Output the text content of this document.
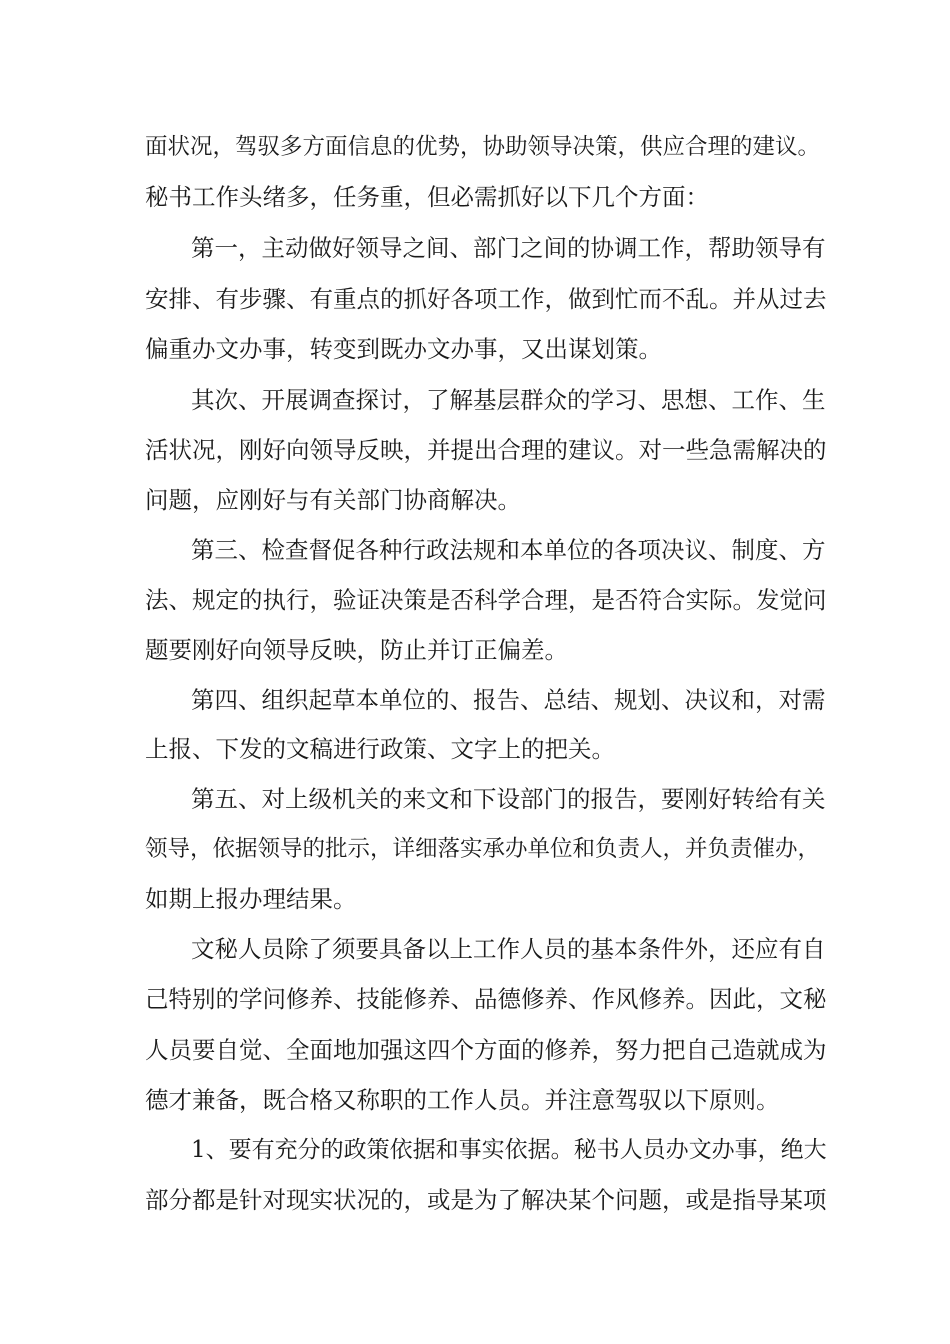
面状况，驾驭多方面信息的优势，协助领导决策，供应合理的建议。
秘书工作头绪多，任务重，但必需抓好以下几个方面：
第一，主动做好领导之间、部门之间的协调工作，帮助领导有
安排、有步骤、有重点的抓好各项工作，做到忙而不乱。并从过去
偏重办文办事，转变到既办文办事，又出谋划策。
其次、开展调查探讨，了解基层群众的学习、思想、工作、生
活状况，刚好向领导反映，并提出合理的建议。对一些急需解决的
问题，应刚好与有关部门协商解决。
第三、检查督促各种行政法规和本单位的各项决议、制度、方
法、规定的执行，验证决策是否科学合理，是否符合实际。发觉问
题要刚好向领导反映，防止并订正偏差。
第四、组织起草本单位的、报告、总结、规划、决议和，对需
上报、下发的文稿进行政策、文字上的把关。
第五、对上级机关的来文和下设部门的报告，要刚好转给有关
领导，依据领导的批示，详细落实承办单位和负责人，并负责催办，
如期上报办理结果。
文秘人员除了须要具备以上工作人员的基本条件外，还应有自
己特别的学问修养、技能修养、品德修养、作风修养。因此，文秘
人员要自觉、全面地加强这四个方面的修养，努力把自己造就成为
德才兼备，既合格又称职的工作人员。并注意驾驭以下原则。
1、要有充分的政策依据和事实依据。秘书人员办文办事，绝大
部分都是针对现实状况的，或是为了解决某个问题，或是指导某项
